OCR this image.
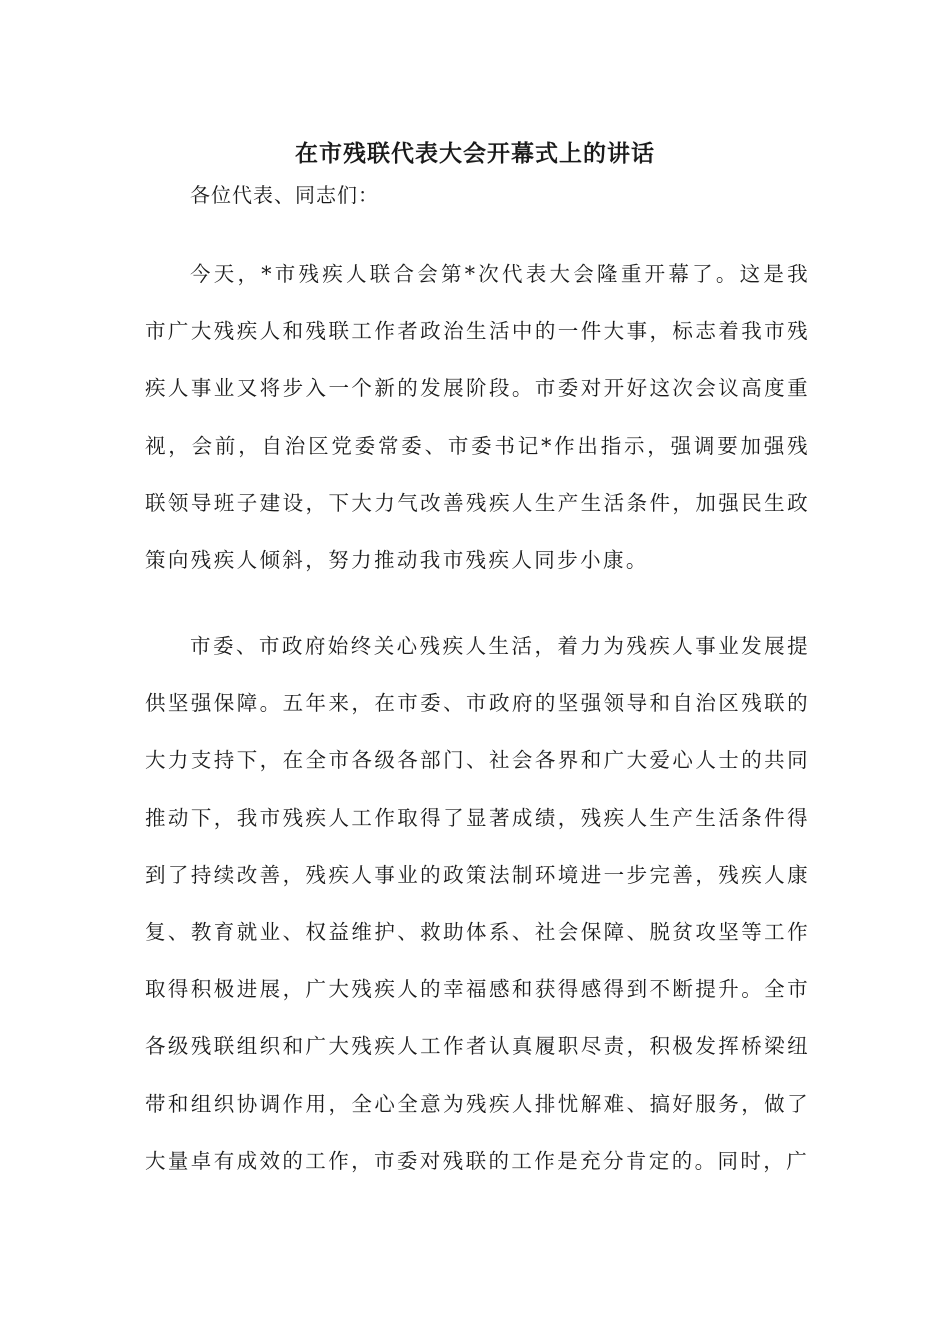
在市残联代表大会开幕式上的讲话

各位代表、同志们：

今天，*市残疾人联合会第*次代表大会隆重开幕了。这是我市广大残疾人和残联工作者政治生活中的一件大事，标志着我市残疾人事业又将步入一个新的发展阶段。市委对开好这次会议高度重视，会前，自治区党委常委、市委书记*作出指示，强调要加强残联领导班子建设，下大力气改善残疾人生产生活条件，加强民生政策向残疾人倾斜，努力推动我市残疾人同步小康。

市委、市政府始终关心残疾人生活，着力为残疾人事业发展提供坚强保障。五年来，在市委、市政府的坚强领导和自治区残联的大力支持下，在全市各级各部门、社会各界和广大爱心人士的共同推动下，我市残疾人工作取得了显著成绩，残疾人生产生活条件得到了持续改善，残疾人事业的政策法制环境进一步完善，残疾人康复、教育就业、权益维护、救助体系、社会保障、脱贫攻坚等工作取得积极进展，广大残疾人的幸福感和获得感得到不断提升。全市各级残联组织和广大残疾人工作者认真履职尽责，积极发挥桥梁纽带和组织协调作用，全心全意为残疾人排忧解难、搞好服务，做了大量卓有成效的工作，市委对残联的工作是充分肯定的。同时，广
